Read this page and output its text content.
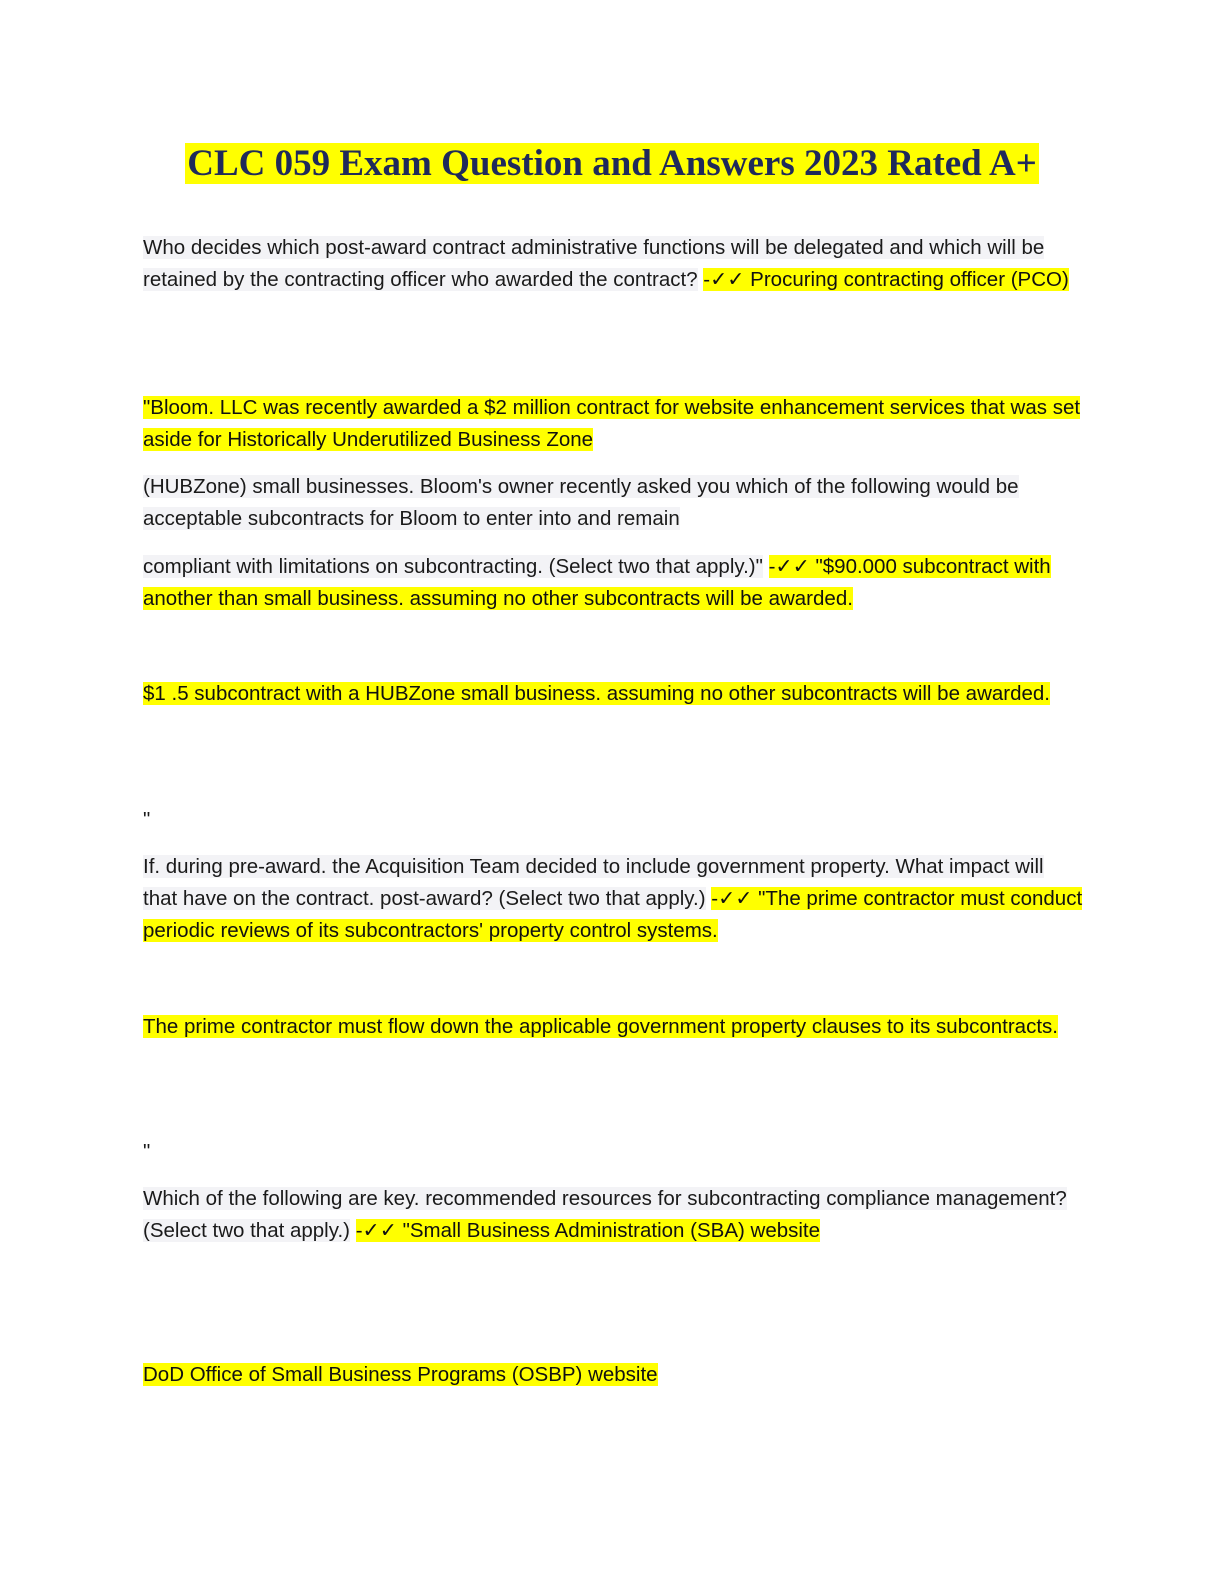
CLC 059 Exam Question and Answers 2023 Rated A+
Who decides which post-award contract administrative functions will be delegated and which will be retained by the contracting officer who awarded the contract? -✓✓ Procuring contracting officer (PCO)
"Bloom. LLC was recently awarded a $2 million contract for website enhancement services that was set aside for Historically Underutilized Business Zone
(HUBZone) small businesses. Bloom's owner recently asked you which of the following would be acceptable subcontracts for Bloom to enter into and remain
compliant with limitations on subcontracting. (Select two that apply.)" -✓✓ "$90.000 subcontract with another than small business. assuming no other subcontracts will be awarded.
$1 .5 subcontract with a HUBZone small business. assuming no other subcontracts will be awarded.
"
If. during pre-award. the Acquisition Team decided to include government property. What impact will that have on the contract. post-award? (Select two that apply.) -✓✓ "The prime contractor must conduct periodic reviews of its subcontractors' property control systems.
The prime contractor must flow down the applicable government property clauses to its subcontracts.
"
Which of the following are key. recommended resources for subcontracting compliance management? (Select two that apply.) -✓✓ "Small Business Administration (SBA) website
DoD Office of Small Business Programs (OSBP) website
